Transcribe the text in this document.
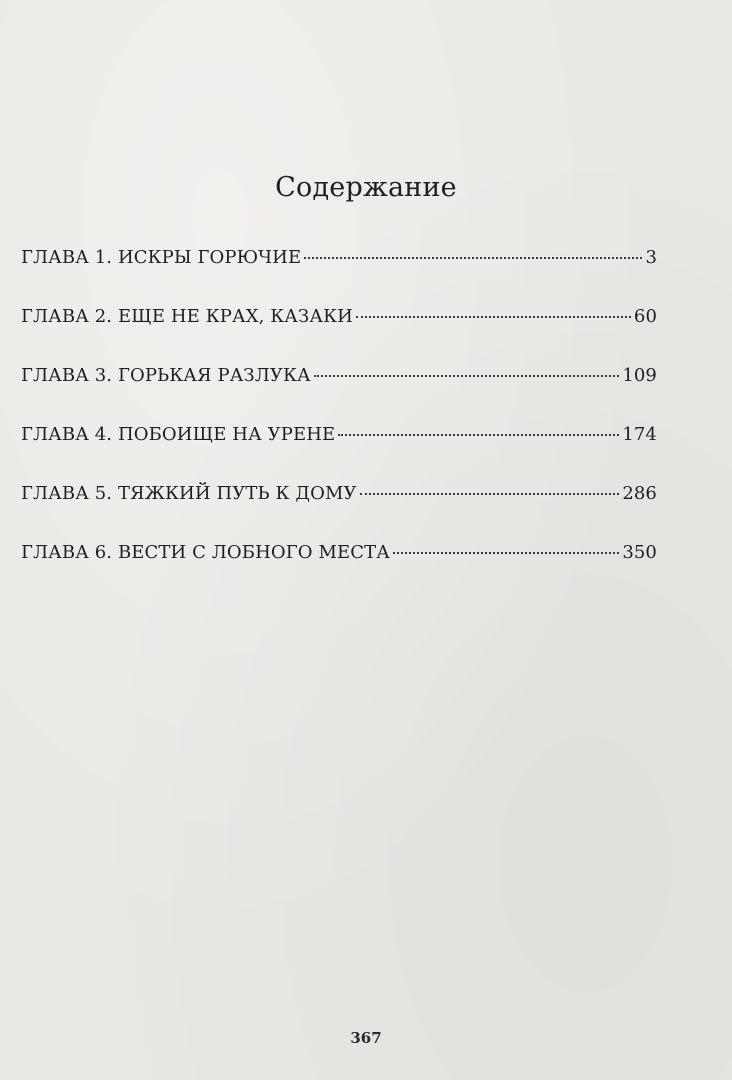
Содержание
ГЛАВА 1. ИСКРЫ ГОРЮЧИЕ	3
ГЛАВА 2. ЕЩЕ НЕ КРАХ, КАЗАКИ	60
ГЛАВА 3. ГОРЬКАЯ РАЗЛУКА	109
ГЛАВА 4. ПОБОИЩЕ НА УРЕНЕ	174
ГЛАВА 5. ТЯЖКИЙ ПУТЬ К ДОМУ	286
ГЛАВА 6. ВЕСТИ С ЛОБНОГО МЕСТА	350
367
